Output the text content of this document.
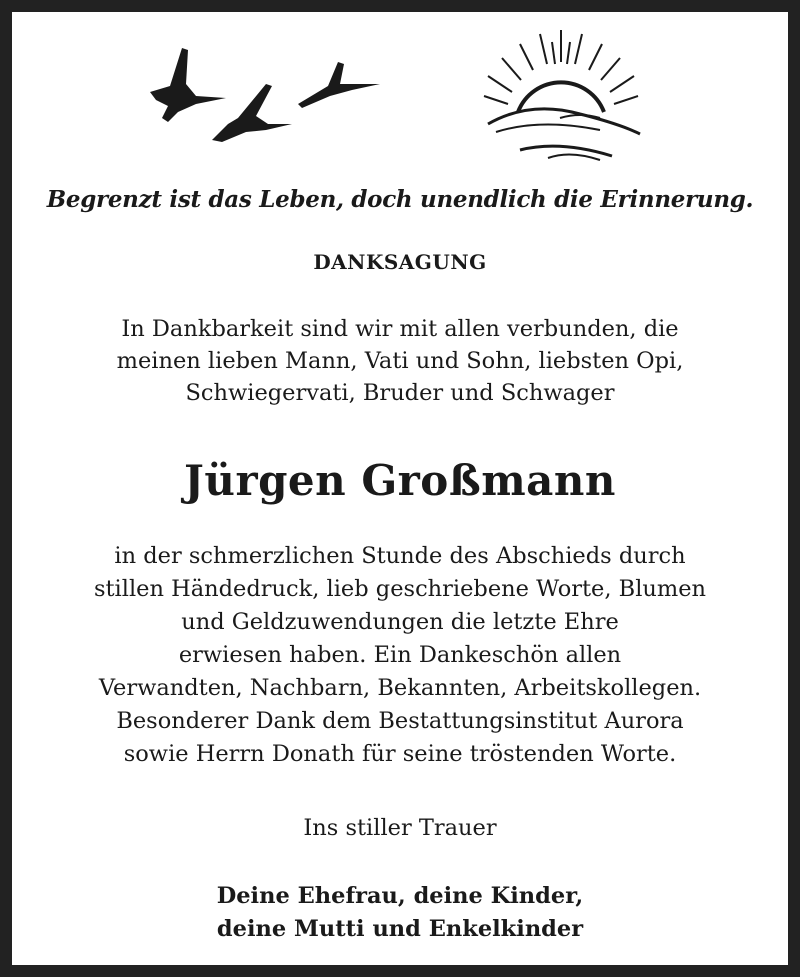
Begrenzt ist das Leben, doch unendlich die Erinnerung.

DANKSAGUNG

In Dankbarkeit sind wir mit allen verbunden, die
meinen lieben Mann, Vati und Sohn, liebsten Opi,
Schwiegervati, Bruder und Schwager

Jürgen Großmann

in der schmerzlichen Stunde des Abschieds durch
stillen Händedruck, lieb geschriebene Worte, Blumen
und Geldzuwendungen die letzte Ehre
erwiesen haben. Ein Dankeschön allen
Verwandten, Nachbarn, Bekannten, Arbeitskollegen.
Besonderer Dank dem Bestattungsinstitut Aurora
sowie Herrn Donath für seine tröstenden Worte.

Ins stiller Trauer

Deine Ehefrau, deine Kinder,
deine Mutti und Enkelkinder
